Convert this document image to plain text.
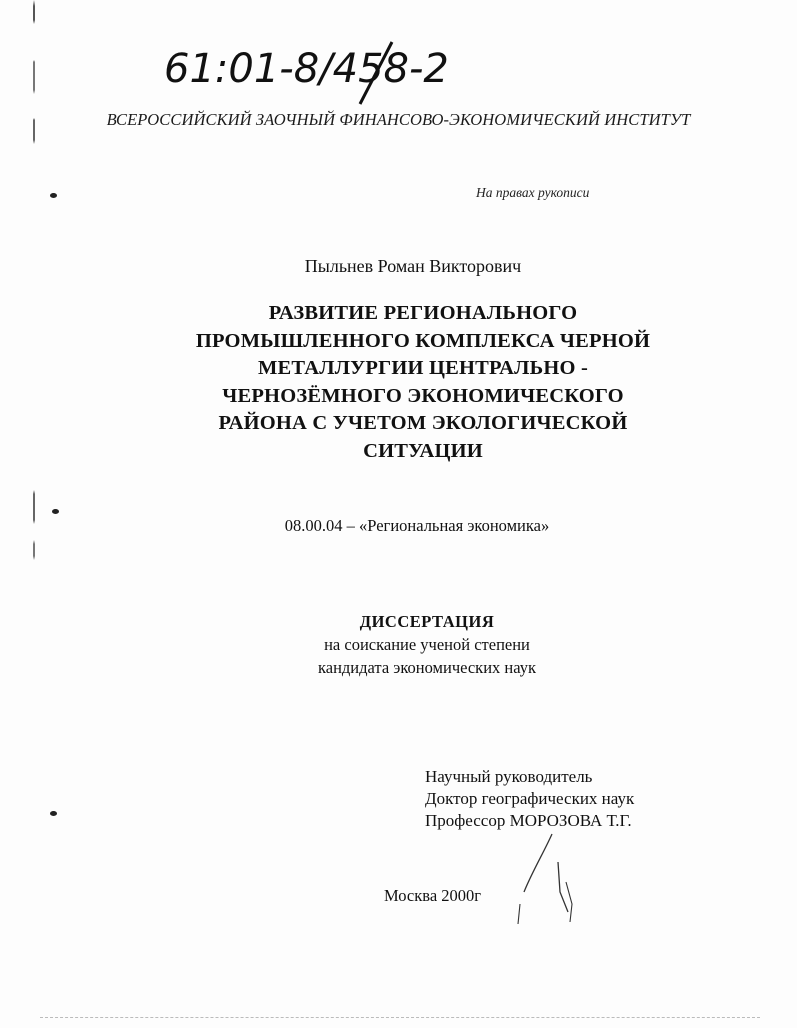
61:01-8/458-2
ВСЕРОССИЙСКИЙ ЗАОЧНЫЙ ФИНАНСОВО-ЭКОНОМИЧЕСКИЙ ИНСТИТУТ
На правах рукописи
Пыльнев Роман Викторович
РАЗВИТИЕ РЕГИОНАЛЬНОГО
ПРОМЫШЛЕННОГО КОМПЛЕКСА ЧЕРНОЙ
МЕТАЛЛУРГИИ ЦЕНТРАЛЬНО -
ЧЕРНОЗЁМНОГО ЭКОНОМИЧЕСКОГО
РАЙОНА С УЧЕТОМ ЭКОЛОГИЧЕСКОЙ
СИТУАЦИИ
08.00.04 – «Региональная экономика»
ДИССЕРТАЦИЯ
на соискание ученой степени
кандидата экономических наук
Научный руководитель
Доктор географических наук
Профессор МОРОЗОВА Т.Г.
Москва 2000г
